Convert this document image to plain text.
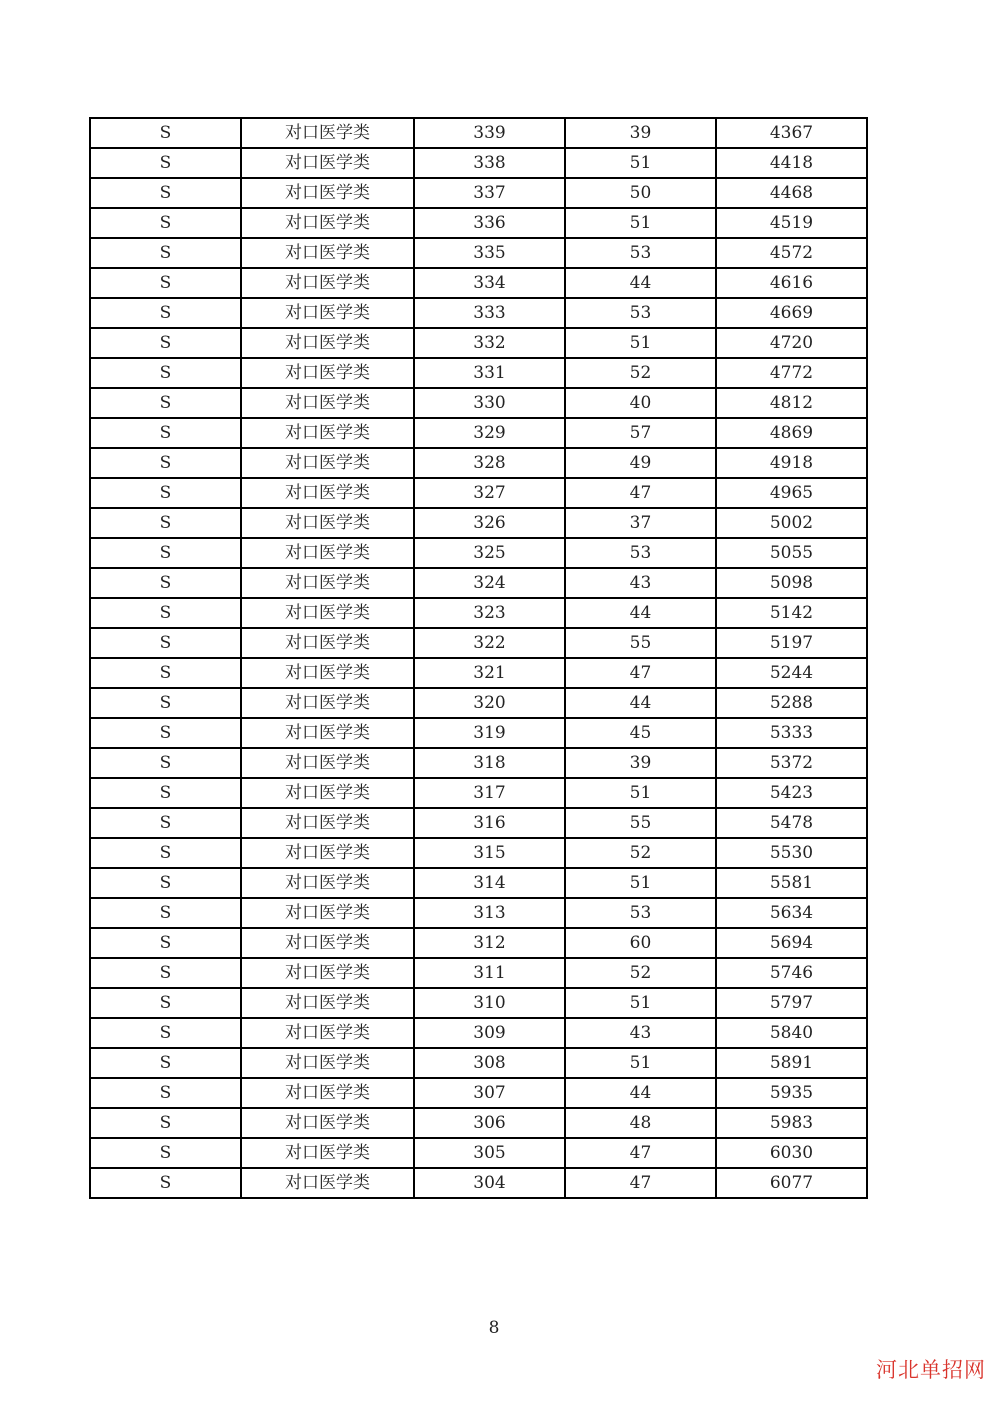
S	对口医学类	339	39	4367
S	对口医学类	338	51	4418
S	对口医学类	337	50	4468
S	对口医学类	336	51	4519
S	对口医学类	335	53	4572
S	对口医学类	334	44	4616
S	对口医学类	333	53	4669
S	对口医学类	332	51	4720
S	对口医学类	331	52	4772
S	对口医学类	330	40	4812
S	对口医学类	329	57	4869
S	对口医学类	328	49	4918
S	对口医学类	327	47	4965
S	对口医学类	326	37	5002
S	对口医学类	325	53	5055
S	对口医学类	324	43	5098
S	对口医学类	323	44	5142
S	对口医学类	322	55	5197
S	对口医学类	321	47	5244
S	对口医学类	320	44	5288
S	对口医学类	319	45	5333
S	对口医学类	318	39	5372
S	对口医学类	317	51	5423
S	对口医学类	316	55	5478
S	对口医学类	315	52	5530
S	对口医学类	314	51	5581
S	对口医学类	313	53	5634
S	对口医学类	312	60	5694
S	对口医学类	311	52	5746
S	对口医学类	310	51	5797
S	对口医学类	309	43	5840
S	对口医学类	308	51	5891
S	对口医学类	307	44	5935
S	对口医学类	306	48	5983
S	对口医学类	305	47	6030
S	对口医学类	304	47	6077
8
河北单招网
